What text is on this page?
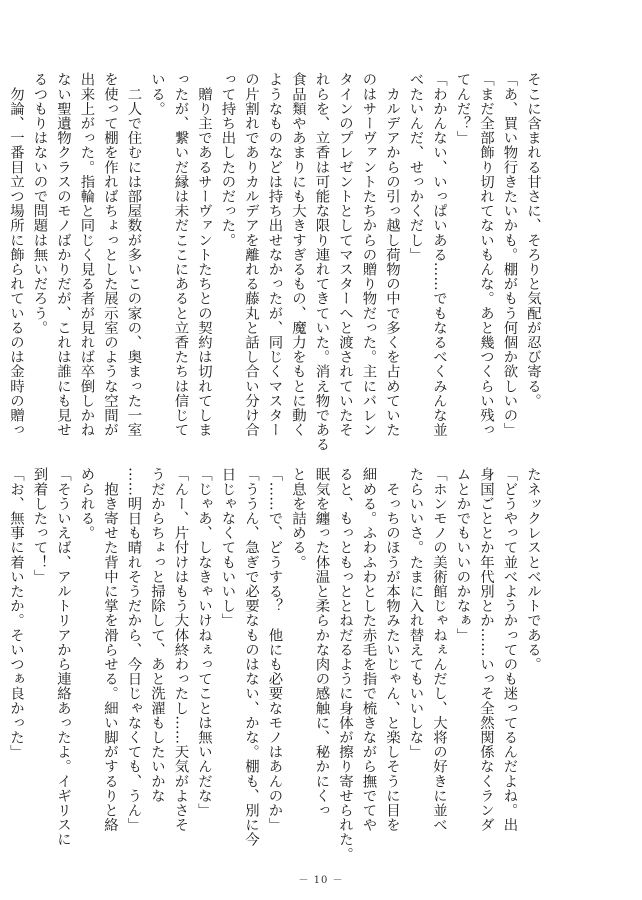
そこに含まれる甘さに、そろりと気配が忍び寄る。
「あ、買い物行きたいかも。棚がもう何個か欲しいの」
「まだ全部飾り切れてないもんな。あと幾つくらい残っ
てんだ？」
「わかんない、いっぱいある……でもなるべくみんな並
べたいんだ、せっかくだし」
　カルデアからの引っ越し荷物の中で多くを占めていた
のはサーヴァントたちからの贈り物だった。主にバレン
タインのプレゼントとしてマスターへと渡されていたそ
れらを、立香は可能な限り連れてきていた。消え物である
食品類やあまりにも大きすぎるもの、魔力をもとに動く
ようなものなどは持ち出せなかったが、同じくマスター
の片割れでありカルデアを離れる藤丸と話し合い分け合
って持ち出したのだった。
　贈り主であるサーヴァントたちとの契約は切れてしま
ったが、繋いだ縁は未だここにあると立香たちは信じて
いる。
　二人で住むには部屋数が多いこの家の、奥まった一室
を使って棚を作ればちょっとした展示室のような空間が
出来上がった。指輪と同じく見る者が見れば卒倒しかね
ない聖遺物クラスのモノばかりだが、これは誰にも見せ
るつもりはないので問題は無いだろう。
　勿論、一番目立つ場所に飾られているのは金時の贈っ
たネックレスとベルトである。
「どうやって並べようかってのも迷ってるんだよね。出
身国ごととか年代別とか……いっそ全然関係なくランダ
ムとかでもいいのかなぁ」
「ホンモノの美術館じゃねぇんだし、大将の好きに並べ
たらいいさ。たまに入れ替えてもいいしな」
　そっちのほうが本物みたいじゃん、と楽しそうに目を
細める。ふわふわとした赤毛を指で梳きながら撫でてや
ると、もっともっととねだるように身体が擦り寄せられた。
眠気を纏った体温と柔らかな肉の感触に、秘かにくっ
と息を詰める。
「……で、どうする？　他にも必要なモノはあんのか」
「ううん、急ぎで必要なものはない、かな。棚も、別に今
日じゃなくてもいいし」
「じゃあ、しなきゃいけねぇってことは無いんだな」
「んー、片付けはもう大体終わったし……天気がよさそ
うだからちょっと掃除して、あと洗濯もしたいかな
……明日も晴れそうだから、今日じゃなくても、うん」
　抱き寄せた背中に掌を滑らせる。細い脚がするりと絡
められる。
「そういえば、アルトリアから連絡あったよ。イギリスに
到着したって！」
「お、無事に着いたか。そいつぁ良かった」
－ 10 －
